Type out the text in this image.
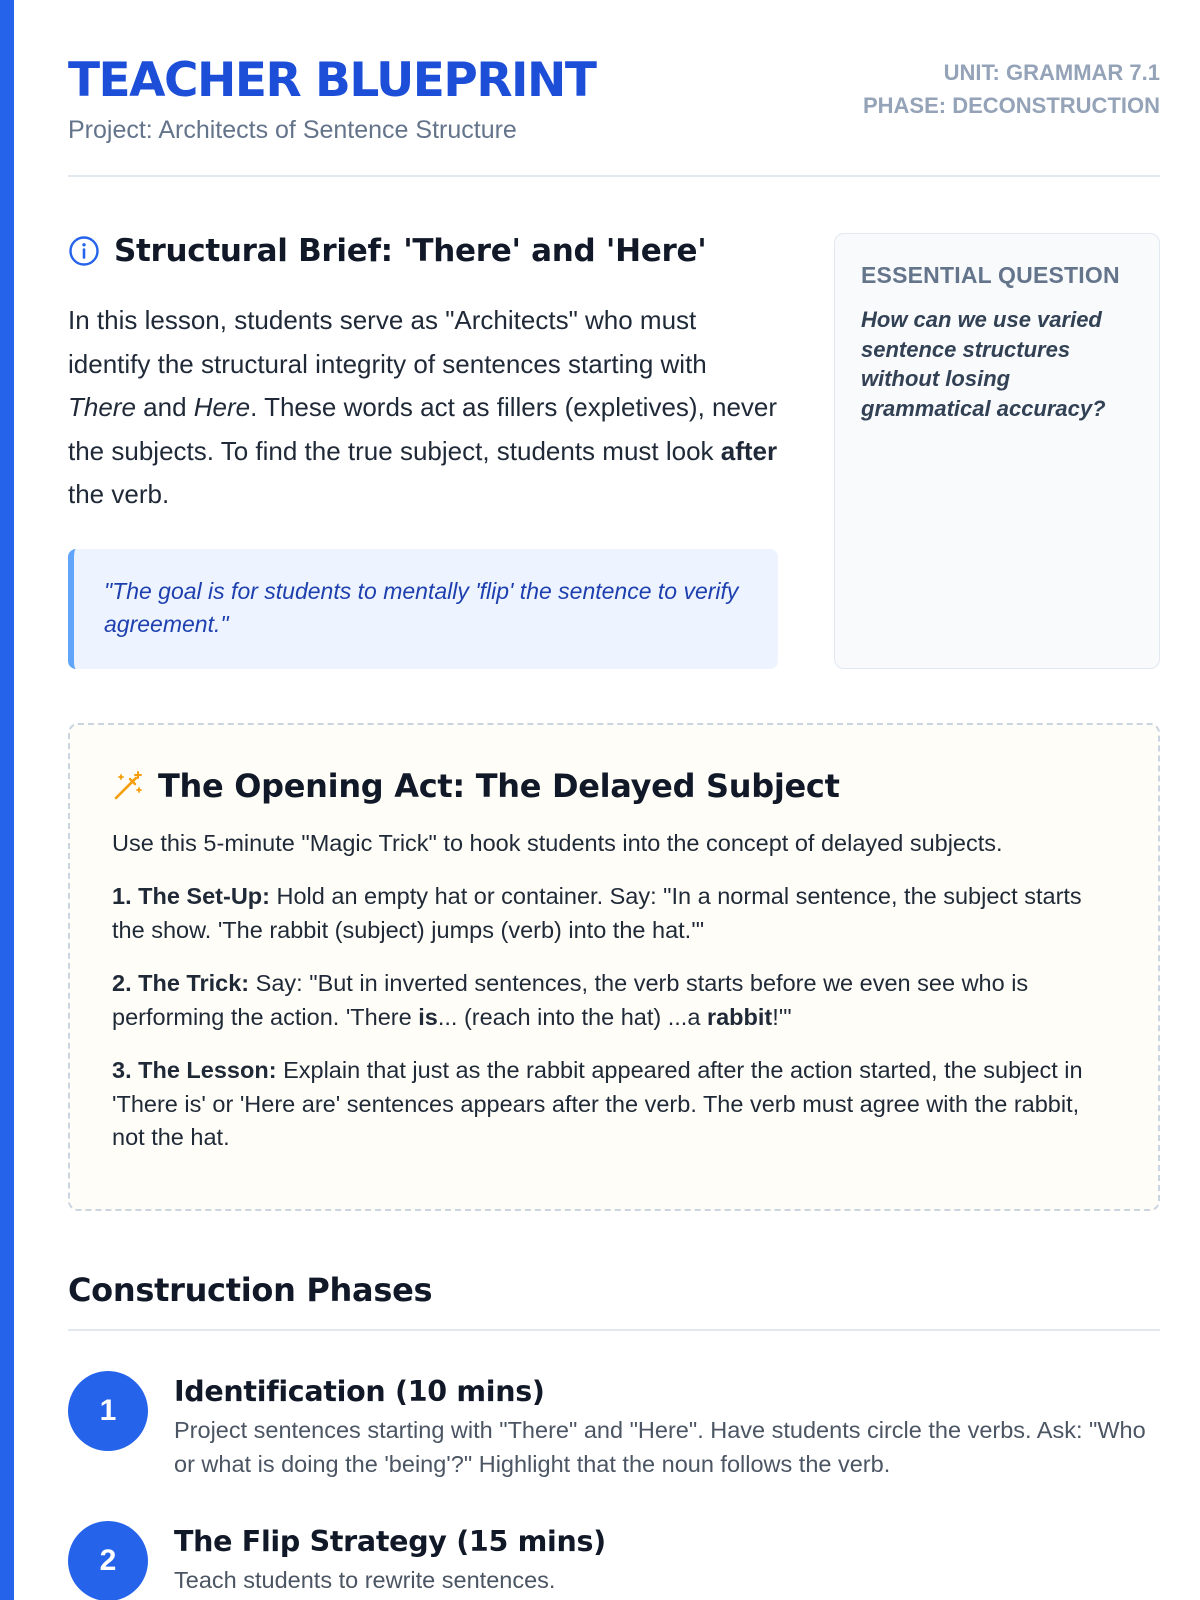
TEACHER BLUEPRINT
Project: Architects of Sentence Structure
UNIT: GRAMMAR 7.1
PHASE: DECONSTRUCTION
Structural Brief: 'There' and 'Here'

In this lesson, students serve as "Architects" who must identify the structural integrity of sentences starting with There and Here. These words act as fillers (expletives), never the subjects. To find the true subject, students must look after the verb.

"The goal is for students to mentally 'flip' the sentence to verify agreement."
ESSENTIAL QUESTION
How can we use varied sentence structures without losing grammatical accuracy?
The Opening Act: The Delayed Subject

Use this 5-minute "Magic Trick" to hook students into the concept of delayed subjects.

1. The Set-Up: Hold an empty hat or container. Say: "In a normal sentence, the subject starts the show. 'The rabbit (subject) jumps (verb) into the hat.'"

2. The Trick: Say: "But in inverted sentences, the verb starts before we even see who is performing the action. 'There is... (reach into the hat) ...a rabbit!'"

3. The Lesson: Explain that just as the rabbit appeared after the action started, the subject in 'There is' or 'Here are' sentences appears after the verb. The verb must agree with the rabbit, not the hat.

Construction Phases
1
Identification (10 mins)
Project sentences starting with "There" and "Here". Have students circle the verbs. Ask: "Who or what is doing the 'being'?" Highlight that the noun follows the verb.
2
The Flip Strategy (15 mins)
Teach students to rewrite sentences.
